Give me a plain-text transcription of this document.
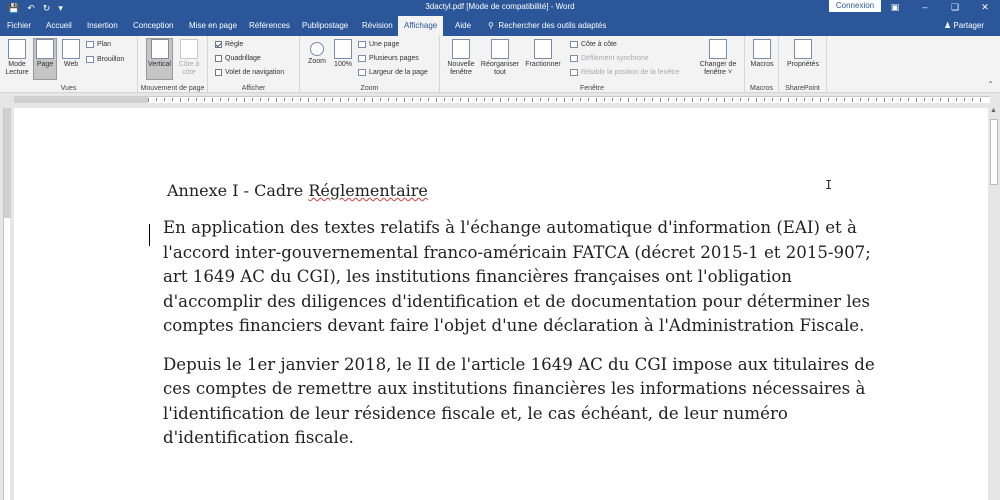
💾 ↶ ↻ ▾	3dactyl.pdf [Mode de compatibilité] - Word	Connexion	▣	–	❑	✕
Fichier Accueil Insertion Conception Mise en page Références Publipostage Révision	Affichage	Aide ⚲ Rechercher des outils adaptés	♟ Partager
Mode Lecture
Page	Web
Plan
Brouillon
Vues
Vertical	Côte à côte
Mouvement de page
Règle
Quadrillage
Volet de navigation
Afficher
Zoom	100%
Une page
Plusieurs pages
Largeur de la page
Zoom
Nouvelle fenêtre
Réorganiser tout
Fractionner
Côte à côte
Défilement synchrone
Rétablir la position de la fenêtre
Changer de fenêtre ˅
Fenêtre
Macros
Macros
Propriétés
SharePoint	⌃
I
Annexe I - Cadre Réglementaire

En application des textes relatifs à l'échange automatique d'information (EAI) et à l'accord inter-gouvernemental franco-américain FATCA (décret 2015-1 et 2015-907; art 1649 AC du CGI), les institutions financières françaises ont l'obligation d'accomplir des diligences d'identification et de documentation pour déterminer les comptes financiers devant faire l'objet d'une déclaration à l'Administration Fiscale.

Depuis le 1er janvier 2018, le II de l'article 1649 AC du CGI impose aux titulaires de ces comptes de remettre aux institutions financières les informations nécessaires à l'identification de leur résidence fiscale et, le cas échéant, de leur numéro d'identification fiscale.

▲
